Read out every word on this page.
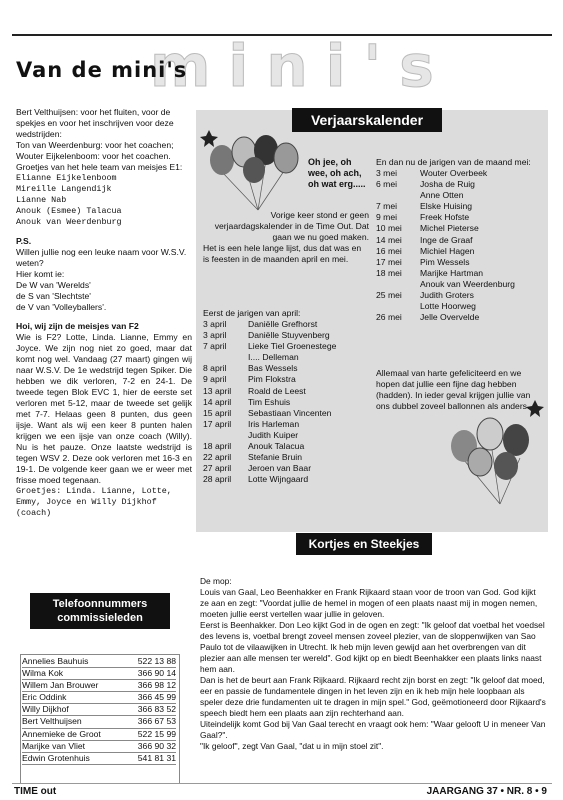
mini's
Van de mini's

Bert Velthuijsen: voor het fluiten, voor de spekjes en voor het inschrijven voor deze wedstrijden:

Ton van Weerdenburg: voor het coachen;

Wouter Eijkelenboom: voor het coachen.

Groetjes van het hele team van meisjes E1:

Elianne Eijkelenboom

Mireille Langendijk

Lianne Nab

Anouk (Esmee) Talacua

Anouk van Weerdenburg

P.S.

Willen jullie nog een leuke naam voor W.S.V. weten?

Hier komt ie:

De W van 'Werelds'

de S van 'Slechtste'

de V van 'Volleyballers'.

Hoi, wij zijn de meisjes van F2

Wie is F2? Lotte, Linda. Lianne, Emmy en Joyce. We zijn nog niet zo goed, maar dat komt nog wel. Vandaag (27 maart) gingen wij naar W.S.V. De 1e wedstrijd tegen Spiker. Die hebben we dik verloren, 7-2 en 24-1. De tweede tegen Blok EVC 1, hier de eerste set verloren met 5-12, maar de tweede set gelijk met 7-7. Helaas geen 8 punten, dus geen ijsje. Want als wij een keer 8 punten halen krijgen we een ijsje van onze coach (Willy). Nu is het pauze. Onze laatste wedstrijd is tegen WSV 2. Deze ook verloren met 16-3 en 19-1. De volgende keer gaan we er weer met frisse moed tegenaan.

Groetjes: Linda. Lianne, Lotte, Emmy, Joyce en Willy Dijkhof (coach)

Telefoonnummers commissieleden
Annelies Bauhuis	522 13 88
Wilma Kok	366 90 14
Willem Jan Brouwer	366 98 12
Eric Oddink	366 45 99
Willy Dijkhof	366 83 52
Bert Velthuijsen	366 67 53
Annemieke de Groot	522 15 99
Marijke van Vliet	366 90 32
Edwin Grotenhuis	541 81 31
Verjaarskalender
Oh jee, oh wee, oh ach, oh wat erg.....

Vorige keer stond er geen verjaardagskalender in de Time Out. Dat gaan we nu goed maken.

Het is een hele lange lijst, dus dat was en is feesten in de maanden april en mei.

Eerst de jarigen van april:
3 april	Daniëlle Grefhorst
3 april	Daniëlle Stuyvenberg
7 april	Lieke Tiel Groenestege
	I.... Delleman
8 april	Bas Wessels
9 april	Pim Flokstra
13 april	Roald de Leest
14 april	Tim Eshuis
15 april	Sebastiaan Vincenten
17 april	Iris Harleman
	Judith Kuiper
18 april	Anouk Talacua
22 april	Stefanie Bruin
27 april	Jeroen van Baar
28 april	Lotte Wijngaard
En dan nu de jarigen van de maand mei:
3 mei	Wouter Overbeek
6 mei	Josha de Ruig
	Anne Otten
7 mei	Elske Huising
9 mei	Freek Hofste
10 mei	Michel Pieterse
14 mei	Inge de Graaf
16 mei	Michiel Hagen
17 mei	Pim Wessels
18 mei	Marijke Hartman
	Anouk van Weerdenburg
25 mei	Judith Groters
	Lotte Hoorweg
26 mei	Jelle Overvelde

Allemaal van harte gefeliciteerd en we hopen dat jullie een fijne dag hebben (hadden). In ieder geval krijgen jullie van ons dubbel zoveel ballonnen als anders.

Kortjes en Steekjes

De mop:

Louis van Gaal, Leo Beenhakker en Frank Rijkaard staan voor de troon van God. God kijkt ze aan en zegt: "Voordat jullie de hemel in mogen of een plaats naast mij in mogen nemen, moeten jullie eerst vertellen waar jullie in geloven.

Eerst is Beenhakker. Don Leo kijkt God in de ogen en zegt: "Ik geloof dat voetbal het voedsel des levens is, voetbal brengt zoveel mensen zoveel plezier, van de sloppenwijken van Sao Paulo tot de vilaawijken in Utrecht. Ik heb mijn leven gewijd aan het overbrengen van dit plezier aan alle mensen ter wereld". God kijkt op en biedt Beenhakker een plaats links naast hem aan.

Dan is het de beurt aan Frank Rijkaard. Rijkaard recht zijn borst en zegt: "Ik geloof dat moed, eer en passie de fundamentele dingen in het leven zijn en ik heb mijn hele loopbaan als speler deze drie fundamenten uit te dragen in mijn spel." God, geëmotioneerd door Rijkaard's speech biedt hem een plaats aan zijn rechterhand aan.

Uiteindelijk komt God bij Van Gaal terecht en vraagt ook hem: "Waar gelooft U in meneer Van Gaal?".

"Ik geloof", zegt Van Gaal, "dat u in mijn stoel zit".

TIME out	JAARGANG 37 • NR. 8 • 9
